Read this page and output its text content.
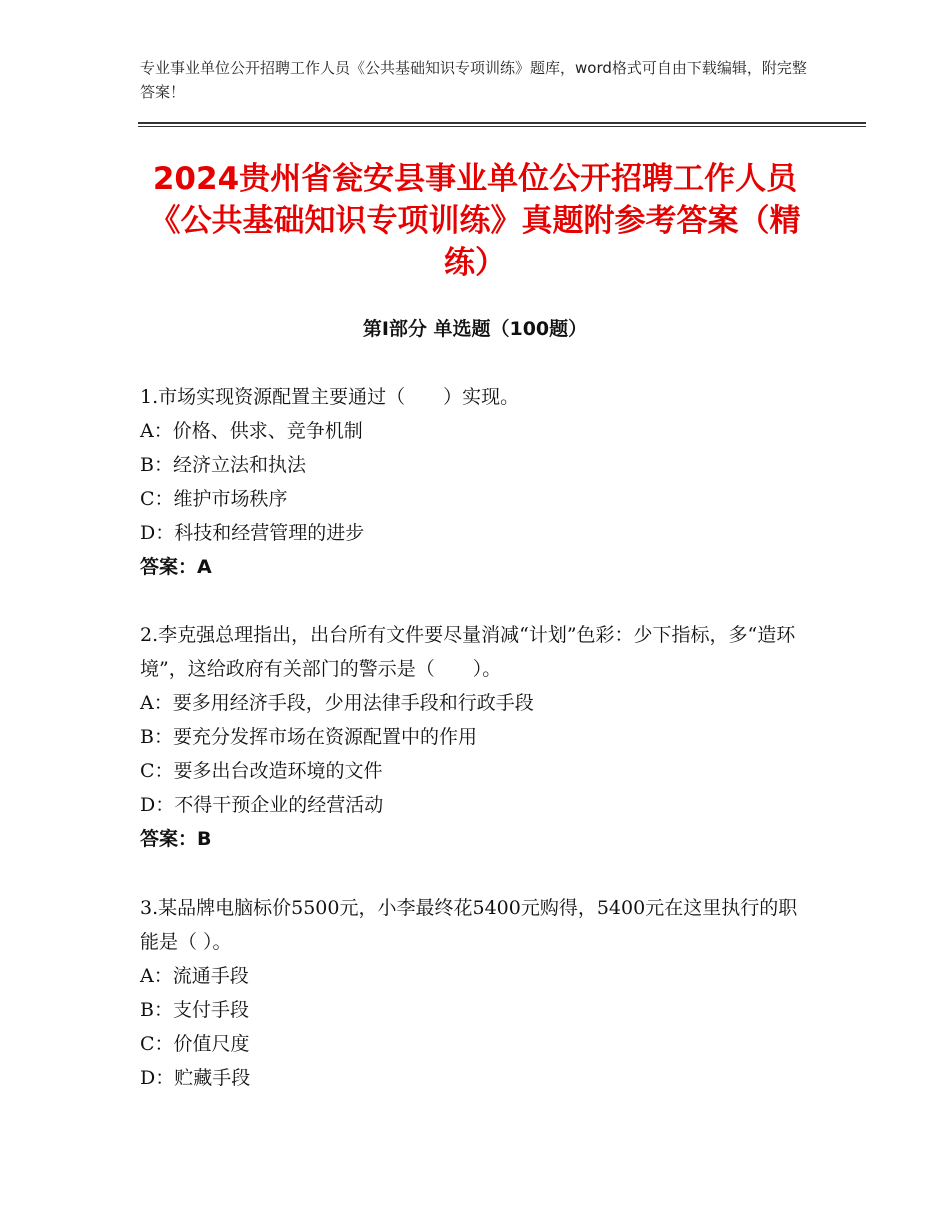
专业事业单位公开招聘工作人员《公共基础知识专项训练》题库，word格式可自由下载编辑，附完整答案！
2024贵州省瓮安县事业单位公开招聘工作人员《公共基础知识专项训练》真题附参考答案（精练）
第Ⅰ部分 单选题（100题）

1.市场实现资源配置主要通过（　　）实现。

A：价格、供求、竞争机制

B：经济立法和执法

C：维护市场秩序

D：科技和经营管理的进步

答案：A

2.李克强总理指出，出台所有文件要尽量消减“计划”色彩：少下指标，多“造环境”，这给政府有关部门的警示是（　　）。

A：要多用经济手段，少用法律手段和行政手段

B：要充分发挥市场在资源配置中的作用

C：要多出台改造环境的文件

D：不得干预企业的经营活动

答案：B

3.某品牌电脑标价5500元，小李最终花5400元购得，5400元在这里执行的职能是（ ）。

A：流通手段

B：支付手段

C：价值尺度

D：贮藏手段
